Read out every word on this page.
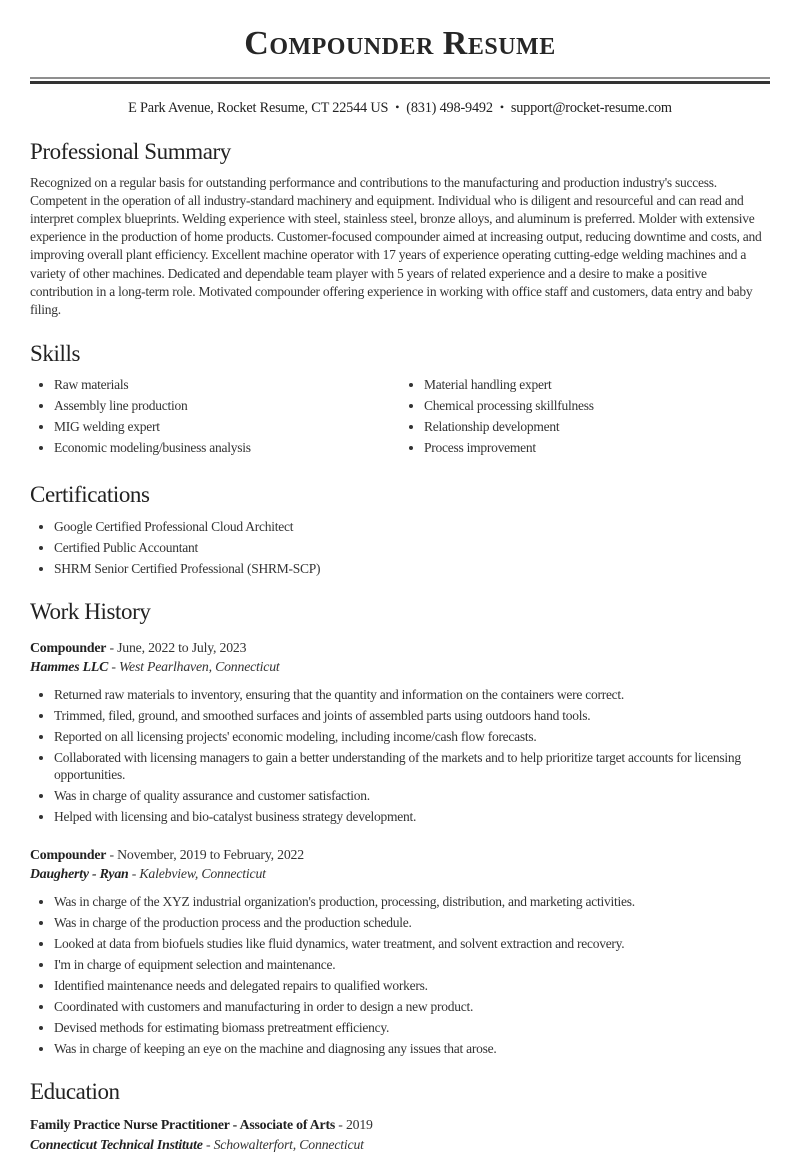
Compounder Resume
E Park Avenue, Rocket Resume, CT 22544 US • (831) 498-9492 • support@rocket-resume.com
Professional Summary

Recognized on a regular basis for outstanding performance and contributions to the manufacturing and production industry's success. Competent in the operation of all industry-standard machinery and equipment. Individual who is diligent and resourceful and can read and interpret complex blueprints. Welding experience with steel, stainless steel, bronze alloys, and aluminum is preferred. Molder with extensive experience in the production of home products. Customer-focused compounder aimed at increasing output, reducing downtime and costs, and improving overall plant efficiency. Excellent machine operator with 17 years of experience operating cutting-edge welding machines and a variety of other machines. Dedicated and dependable team player with 5 years of related experience and a desire to make a positive contribution in a long-term role. Motivated compounder offering experience in working with office staff and customers, data entry and baby filing.

Skills
• Raw materials
• Assembly line production
• MIG welding expert
• Economic modeling/business analysis
• Material handling expert
• Chemical processing skillfulness
• Relationship development
• Process improvement
Certifications
• Google Certified Professional Cloud Architect
• Certified Public Accountant
• SHRM Senior Certified Professional (SHRM-SCP)
Work History
Compounder - June, 2022 to July, 2023
Hammes LLC - West Pearlhaven, Connecticut
• Returned raw materials to inventory, ensuring that the quantity and information on the containers were correct.
• Trimmed, filed, ground, and smoothed surfaces and joints of assembled parts using outdoors hand tools.
• Reported on all licensing projects' economic modeling, including income/cash flow forecasts.
• Collaborated with licensing managers to gain a better understanding of the markets and to help prioritize target accounts for licensing opportunities.
• Was in charge of quality assurance and customer satisfaction.
• Helped with licensing and bio-catalyst business strategy development.
Compounder - November, 2019 to February, 2022
Daugherty - Ryan - Kalebview, Connecticut
• Was in charge of the XYZ industrial organization's production, processing, distribution, and marketing activities.
• Was in charge of the production process and the production schedule.
• Looked at data from biofuels studies like fluid dynamics, water treatment, and solvent extraction and recovery.
• I'm in charge of equipment selection and maintenance.
• Identified maintenance needs and delegated repairs to qualified workers.
• Coordinated with customers and manufacturing in order to design a new product.
• Devised methods for estimating biomass pretreatment efficiency.
• Was in charge of keeping an eye on the machine and diagnosing any issues that arose.
Education
Family Practice Nurse Practitioner - Associate of Arts - 2019
Connecticut Technical Institute - Schowalterfort, Connecticut
